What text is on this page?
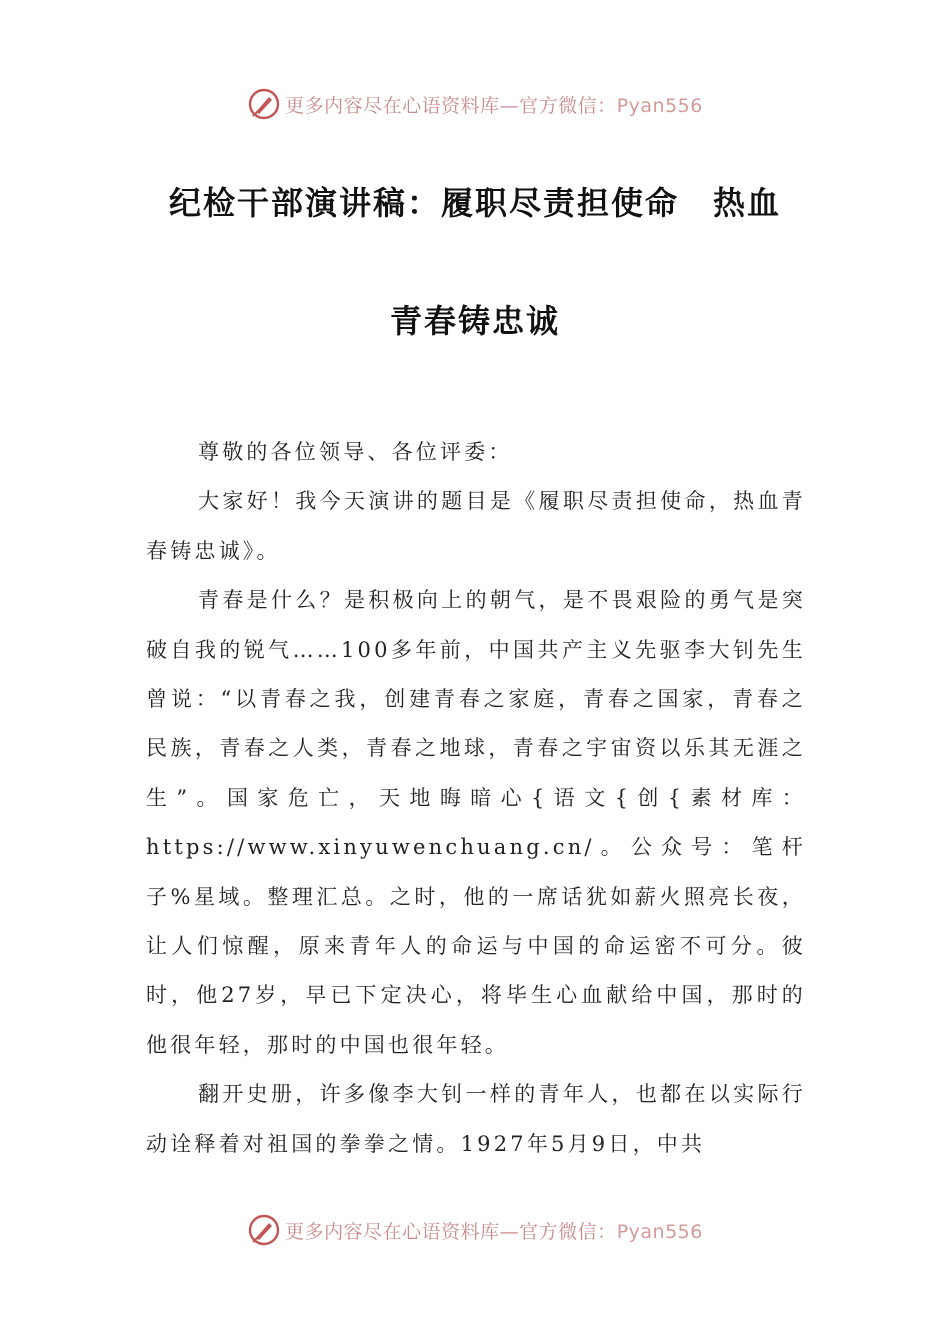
更多内容尽在心语资料库—官方微信：Pyan556
纪检干部演讲稿：履职尽责担使命　热血
青春铸忠诚

尊敬的各位领导、各位评委：

大家好！我今天演讲的题目是《履职尽责担使命，热血青春铸忠诚》。

青春是什么？是积极向上的朝气，是不畏艰险的勇气是突破自我的锐气……100多年前，中国共产主义先驱李大钊先生曾说：“以青春之我，创建青春之家庭，青春之国家，青春之民族，青春之人类，青春之地球，青春之宇宙资以乐其无涯之生”。国家危亡，天地晦暗心{语文{创{素材库：https://www.xinyuwenchuang.cn/。公众号：笔杆子%星域。整理汇总。之时，他的一席话犹如薪火照亮长夜，让人们惊醒，原来青年人的命运与中国的命运密不可分。彼时，他27岁，早已下定决心，将毕生心血献给中国，那时的他很年轻，那时的中国也很年轻。

翻开史册，许多像李大钊一样的青年人，也都在以实际行动诠释着对祖国的拳拳之情。1927年5月9日，中共

更多内容尽在心语资料库—官方微信：Pyan556
